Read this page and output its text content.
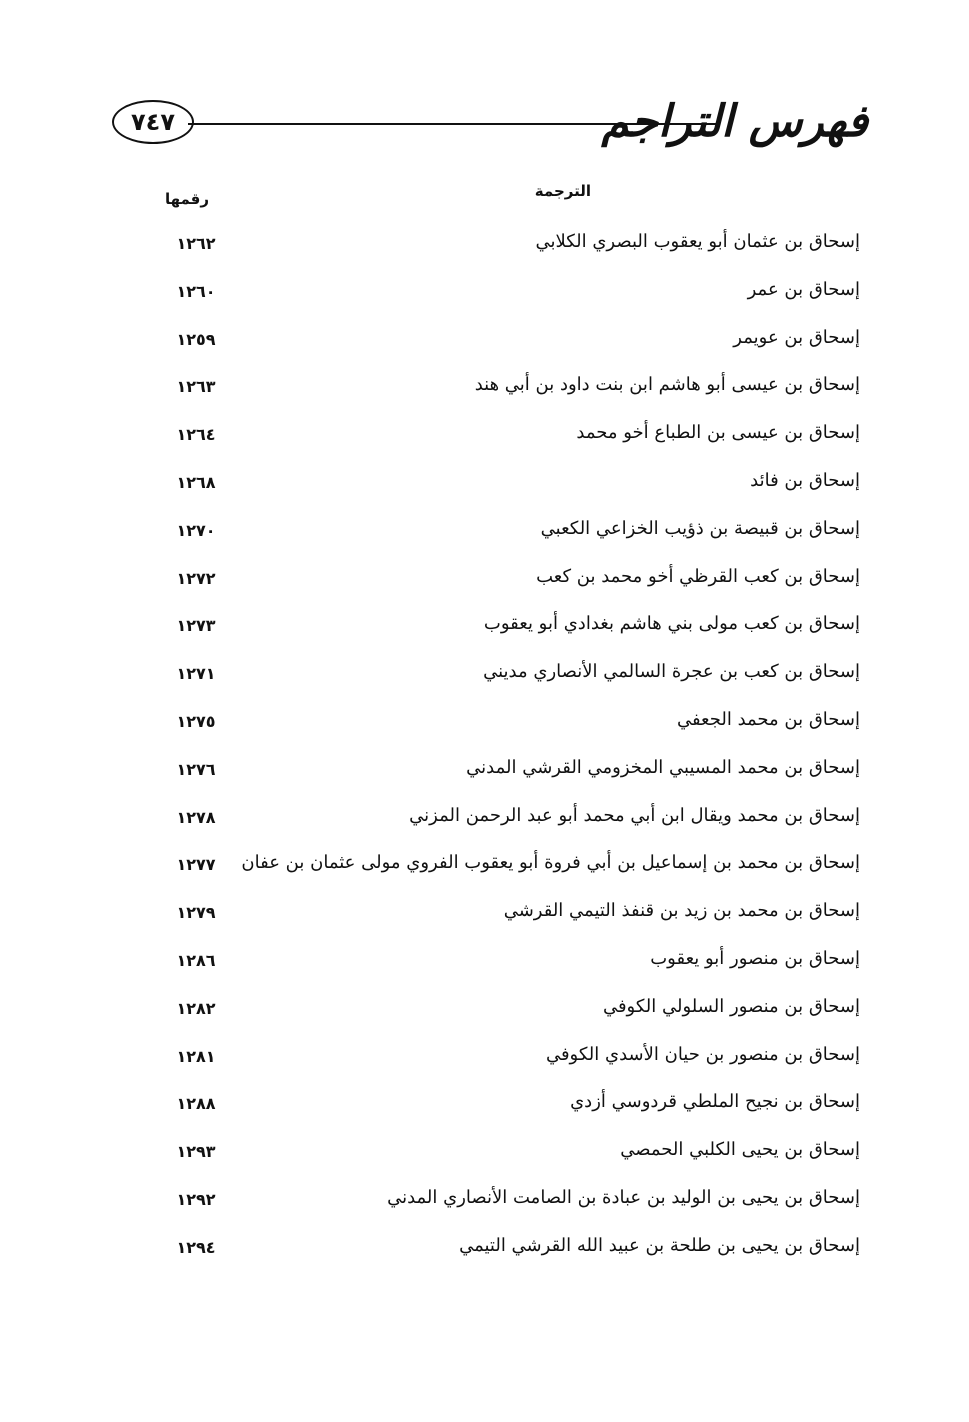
فهرس التراجم
٧٤٧
الترجمة
رقمها
إسحاق بن عثمان أبو يعقوب البصري الكلابي
١٢٦٢
إسحاق بن عمر
١٢٦٠
إسحاق بن عويمر
١٢٥٩
إسحاق بن عيسى أبو هاشم ابن بنت داود بن أبي هند
١٢٦٣
إسحاق بن عيسى بن الطباع أخو محمد
١٢٦٤
إسحاق بن فائد
١٢٦٨
إسحاق بن قبيصة بن ذؤيب الخزاعي الكعبي
١٢٧٠
إسحاق بن كعب القرظي أخو محمد بن كعب
١٢٧٢
إسحاق بن كعب مولى بني هاشم بغدادي أبو يعقوب
١٢٧٣
إسحاق بن كعب بن عجرة السالمي الأنصاري مديني
١٢٧١
إسحاق بن محمد الجعفي
١٢٧٥
إسحاق بن محمد المسيبي المخزومي القرشي المدني
١٢٧٦
إسحاق بن محمد ويقال ابن أبي محمد أبو عبد الرحمن المزني
١٢٧٨
إسحاق بن محمد بن إسماعيل بن أبي فروة أبو يعقوب الفروي مولى عثمان بن عفان
١٢٧٧
إسحاق بن محمد بن زيد بن قنفذ التيمي القرشي
١٢٧٩
إسحاق بن منصور أبو يعقوب
١٢٨٦
إسحاق بن منصور السلولي الكوفي
١٢٨٢
إسحاق بن منصور بن حيان الأسدي الكوفي
١٢٨١
إسحاق بن نجيح الملطي قردوسي أزدي
١٢٨٨
إسحاق بن يحيى الكلبي الحمصي
١٢٩٣
إسحاق بن يحيى بن الوليد بن عبادة بن الصامت الأنصاري المدني
١٢٩٢
إسحاق بن يحيى بن طلحة بن عبيد الله القرشي التيمي
١٢٩٤
